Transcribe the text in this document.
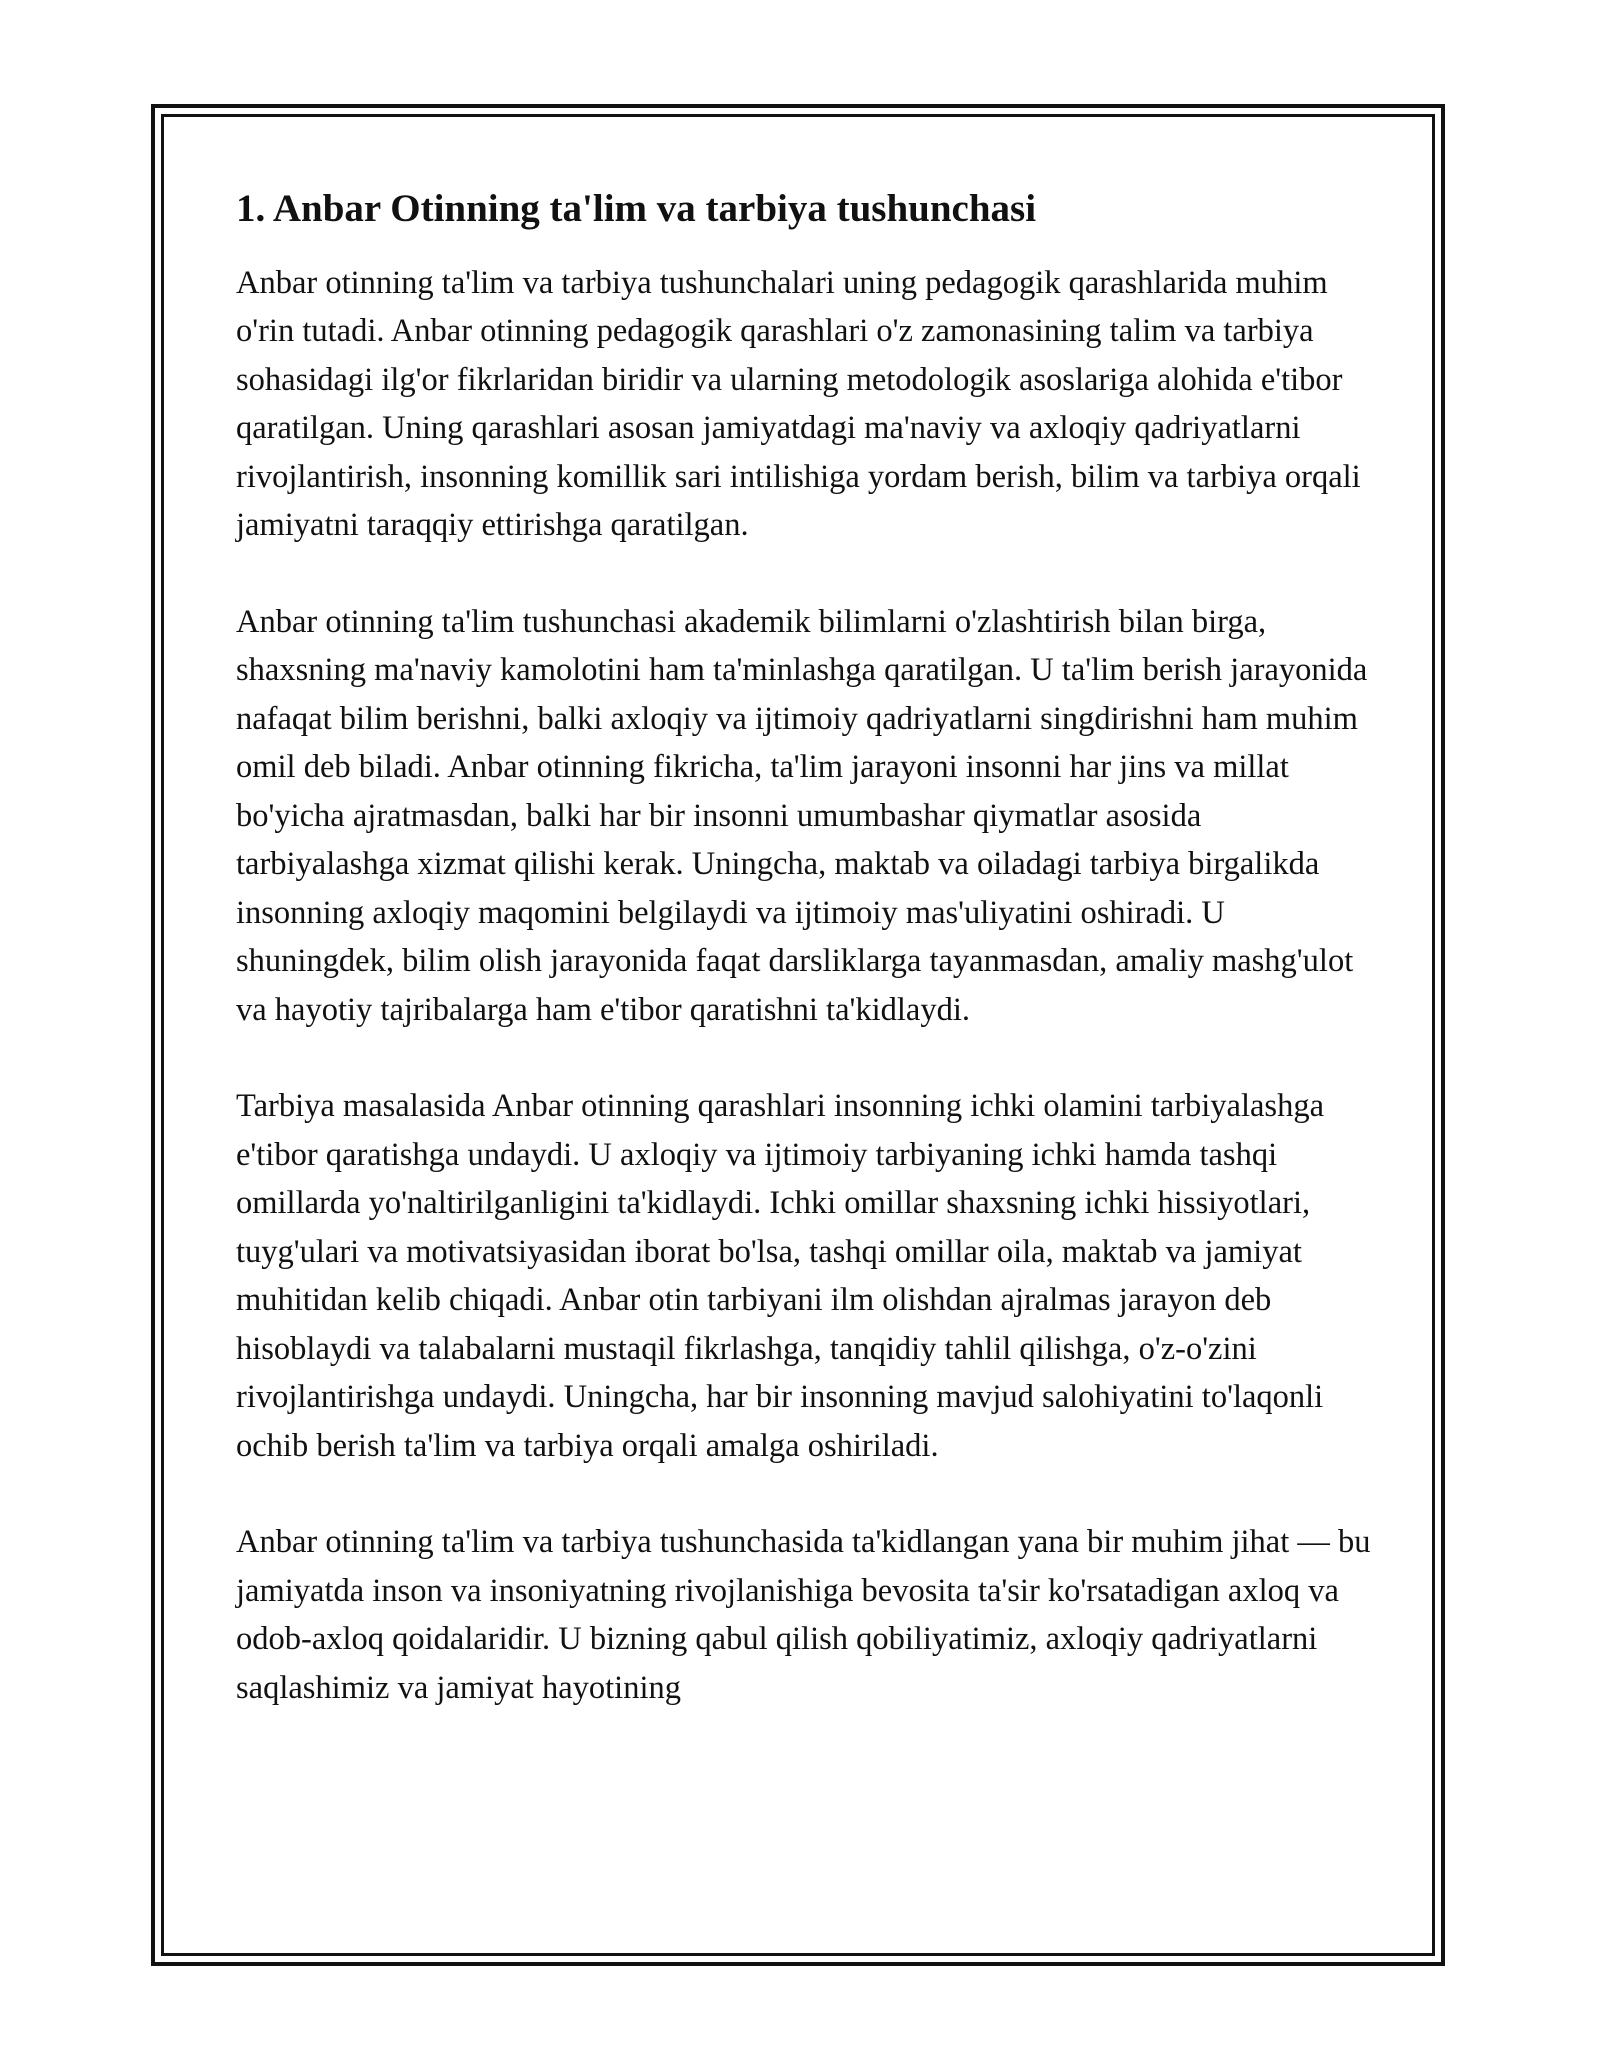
1. Anbar Otinning ta'lim va tarbiya tushunchasi

Anbar otinning ta'lim va tarbiya tushunchalari uning pedagogik qarashlarida muhim o'rin tutadi. Anbar otinning pedagogik qarashlari o'z zamonasining talim va tarbiya sohasidagi ilg'or fikrlaridan biridir va ularning metodologik asoslariga alohida e'tibor qaratilgan. Uning qarashlari asosan jamiyatdagi ma'naviy va axloqiy qadriyatlarni rivojlantirish, insonning komillik sari intilishiga yordam berish, bilim va tarbiya orqali jamiyatni taraqqiy ettirishga qaratilgan.

Anbar otinning ta'lim tushunchasi akademik bilimlarni o'zlashtirish bilan birga, shaxsning ma'naviy kamolotini ham ta'minlashga qaratilgan. U ta'lim berish jarayonida nafaqat bilim berishni, balki axloqiy va ijtimoiy qadriyatlarni singdirishni ham muhim omil deb biladi. Anbar otinning fikricha, ta'lim jarayoni insonni har jins va millat bo'yicha ajratmasdan, balki har bir insonni umumbashar qiymatlar asosida tarbiyalashga xizmat qilishi kerak. Uningcha, maktab va oiladagi tarbiya birgalikda insonning axloqiy maqomini belgilaydi va ijtimoiy mas'uliyatini oshiradi. U shuningdek, bilim olish jarayonida faqat darsliklarga tayanmasdan, amaliy mashg'ulot va hayotiy tajribalarga ham e'tibor qaratishni ta'kidlaydi.

Tarbiya masalasida Anbar otinning qarashlari insonning ichki olamini tarbiyalashga e'tibor qaratishga undaydi. U axloqiy va ijtimoiy tarbiyaning ichki hamda tashqi omillarda yo'naltirilganligini ta'kidlaydi. Ichki omillar shaxsning ichki hissiyotlari, tuyg'ulari va motivatsiyasidan iborat bo'lsa, tashqi omillar oila, maktab va jamiyat muhitidan kelib chiqadi. Anbar otin tarbiyani ilm olishdan ajralmas jarayon deb hisoblaydi va talabalarni mustaqil fikrlashga, tanqidiy tahlil qilishga, o'z-o'zini rivojlantirishga undaydi. Uningcha, har bir insonning mavjud salohiyatini to'laqonli ochib berish ta'lim va tarbiya orqali amalga oshiriladi.

Anbar otinning ta'lim va tarbiya tushunchasida ta'kidlangan yana bir muhim jihat — bu jamiyatda inson va insoniyatning rivojlanishiga bevosita ta'sir ko'rsatadigan axloq va odob-axloq qoidalaridir. U bizning qabul qilish qobiliyatimiz, axloqiy qadriyatlarni saqlashimiz va jamiyat hayotining
